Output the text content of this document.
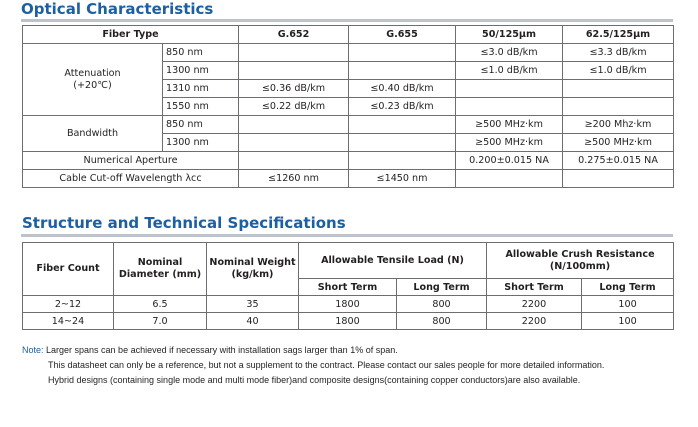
Optical Characteristics
Fiber Type		G.652	G.655	50/125μm	62.5/125μm

Attenuation
(+20℃)	850 nm			≤3.0 dB/km	≤3.3 dB/km
	1300 nm			≤1.0 dB/km	≤1.0 dB/km
	1310 nm	≤0.36 dB/km	≤0.40 dB/km		
	1550 nm	≤0.22 dB/km	≤0.23 dB/km		
Bandwidth	850 nm			≥500 MHz·km	≥200 Mhz·km
	1300 nm			≥500 MHz·km	≥500 MHz·km
Numerical Aperture				0.200±0.015 NA	0.275±0.015 NA
Cable Cut-off Wavelength λcc		≤1260 nm	≤1450 nm		
Structure and Technical Specifications
Fiber Count	Nominal Diameter (mm)	Nominal Weight (kg/km)	Allowable Tensile Load (N)		Allowable Crush Resistance (N/100mm)	
			Short Term	Long Term	Short Term	Long Term
2~12	6.5	35	1800	800	2200	100
14~24	7.0	40	1800	800	2200	100
Note: Larger spans can be achieved if necessary with installation sags larger than 1% of span.
This datasheet can only be a reference, but not a supplement to the contract. Please contact our sales people for more detailed information.
Hybrid designs (containing single mode and multi mode fiber)and composite designs(containing copper conductors)are also available.
